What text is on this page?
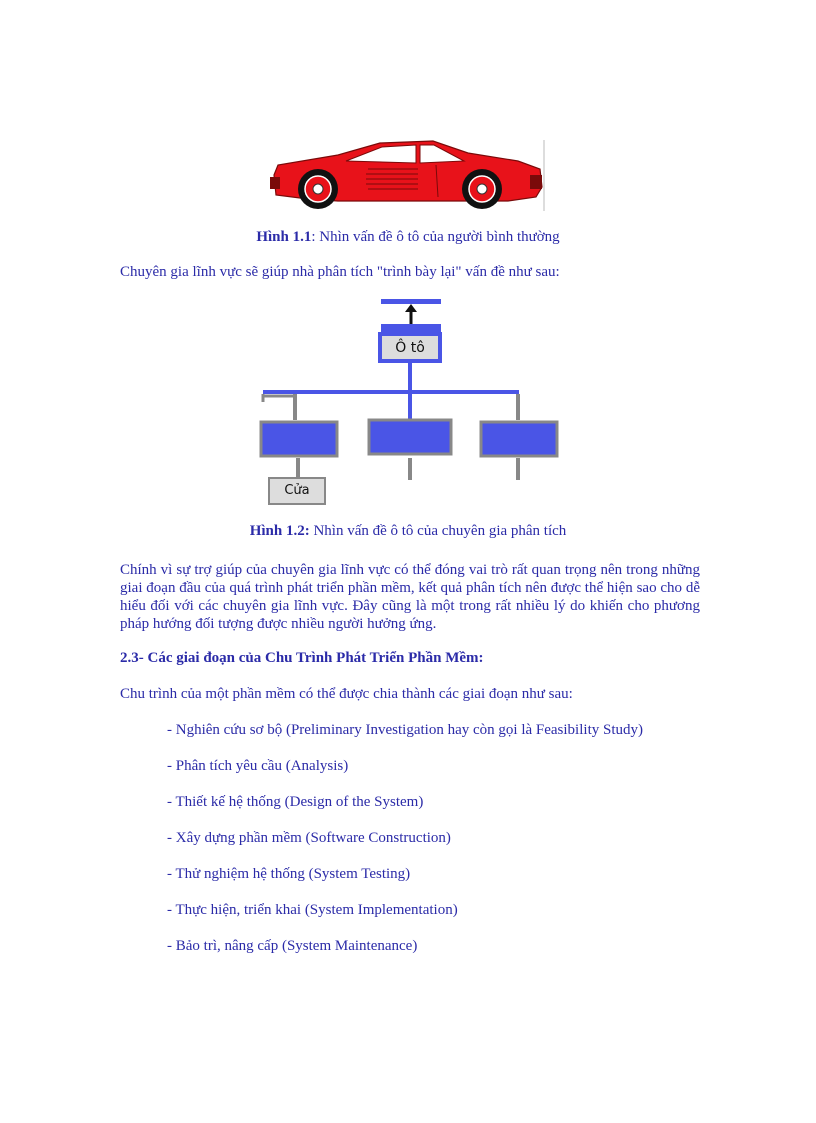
Hình 1.1: Nhìn vấn đề ô tô của người bình thường
Chuyên gia lĩnh vực sẽ giúp nhà phân tích "trình bày lại" vấn đề như sau:
Ô tô
Cửa
Hình 1.2: Nhìn vấn đề ô tô của chuyên gia phân tích
Chính vì sự trợ giúp của chuyên gia lĩnh vực có thể đóng vai trò rất quan trọng nên trong những giai đoạn đầu của quá trình phát triển phần mềm, kết quả phân tích nên được thể hiện sao cho dễ hiểu đối với các chuyên gia lĩnh vực. Đây cũng là một trong rất nhiều lý do khiến cho phương pháp hướng đối tượng được nhiều người hưởng ứng.
2.3- Các giai đoạn của Chu Trình Phát Triển Phần Mềm:
Chu trình của một phần mềm có thể được chia thành các giai đoạn như sau:
- Nghiên cứu sơ bộ (Preliminary Investigation hay còn gọi là Feasibility Study)
- Phân tích yêu cầu (Analysis)
- Thiết kế hệ thống (Design of the System)
- Xây dựng phần mềm (Software Construction)
- Thử nghiệm hệ thống (System Testing)
- Thực hiện, triển khai (System Implementation)
- Bảo trì, nâng cấp (System Maintenance)
